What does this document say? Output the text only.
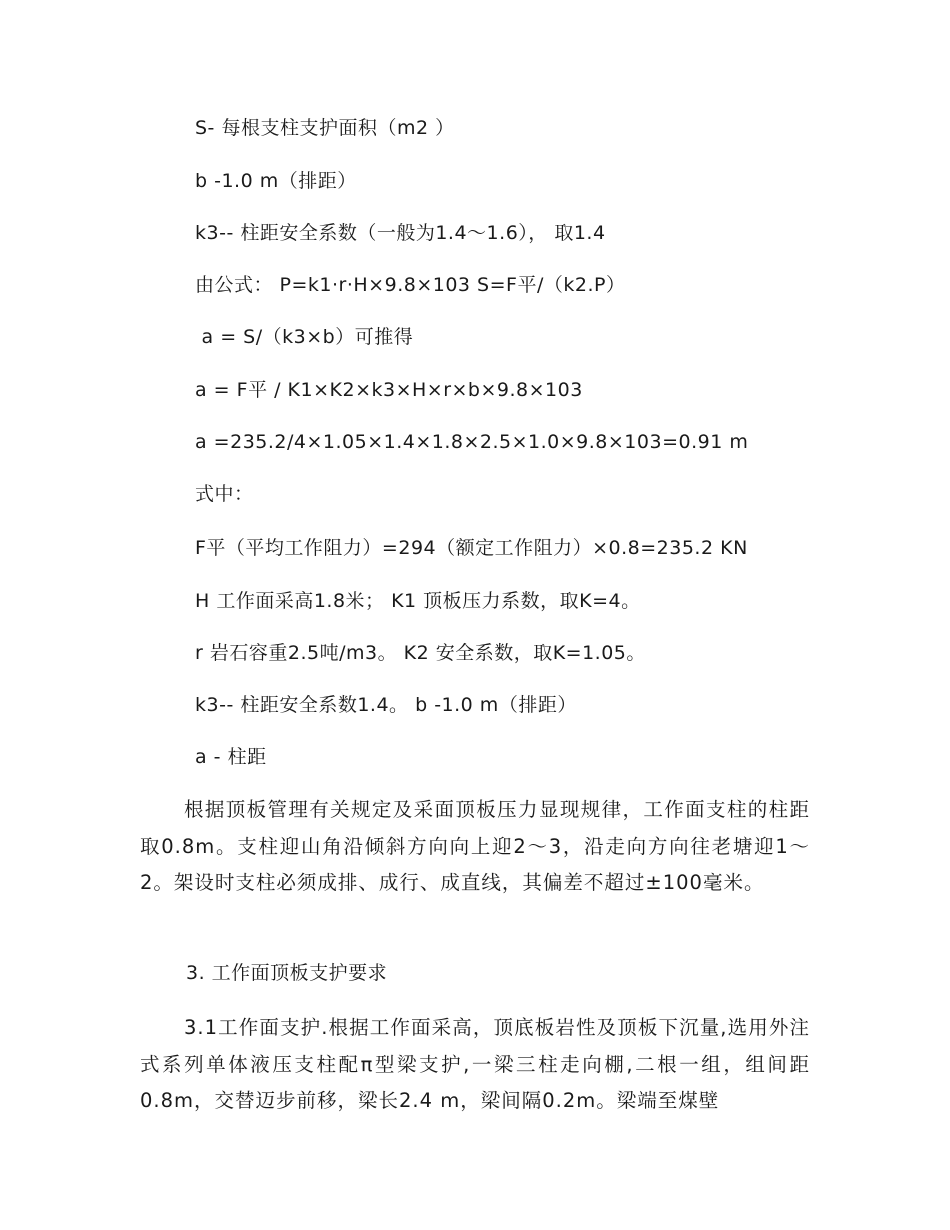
S- 每根支柱支护面积（m2 ）
b -1.0 m（排距）
k3-- 柱距安全系数（一般为1.4～1.6）， 取1.4
由公式： P=k1·r·H×9.8×103 S=F平/（k2.P）
a = S/（k3×b）可推得
a = F平 / K1×K2×k3×H×r×b×9.8×103
a =235.2/4×1.05×1.4×1.8×2.5×1.0×9.8×103=0.91 m
式中：
F平（平均工作阻力）=294（额定工作阻力）×0.8=235.2 KN
H 工作面采高1.8米； K1 顶板压力系数，取K=4。
r 岩石容重2.5吨/m3。 K2 安全系数，取K=1.05。
k3-- 柱距安全系数1.4。 b -1.0 m（排距）
a - 柱距
根据顶板管理有关规定及采面顶板压力显现规律，工作面支柱的柱距取0.8m。支柱迎山角沿倾斜方向向上迎2～3，沿走向方向往老塘迎1～2。架设时支柱必须成排、成行、成直线，其偏差不超过±100毫米。
3. 工作面顶板支护要求
3.1工作面支护.根据工作面采高，顶底板岩性及顶板下沉量,选用外注式系列单体液压支柱配π型梁支护,一梁三柱走向棚,二根一组，组间距0.8m，交替迈步前移，梁长2.4 m，梁间隔0.2m。梁端至煤壁
